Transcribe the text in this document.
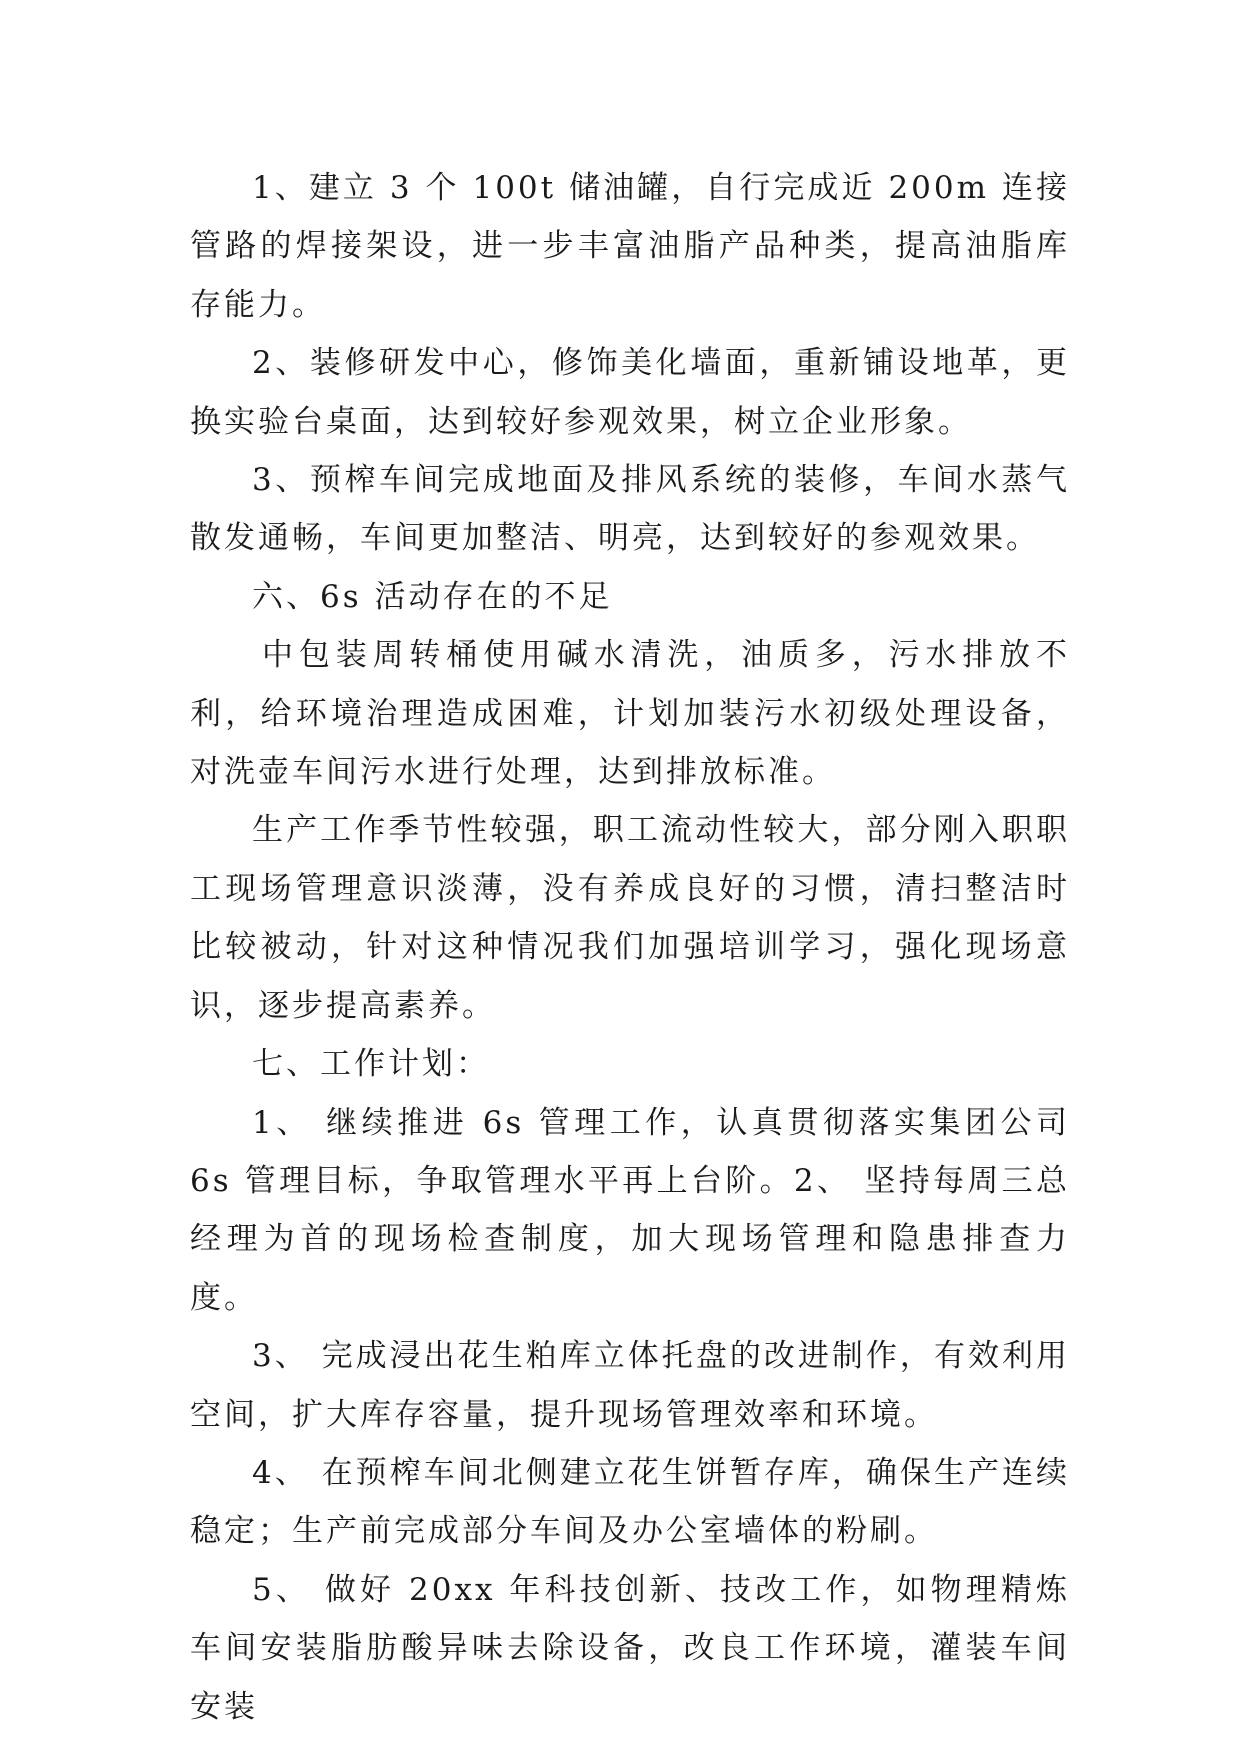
1、建立 3 个 100t 储油罐，自行完成近 200m 连接管路的焊接架设，进一步丰富油脂产品种类，提高油脂库存能力。

2、装修研发中心，修饰美化墙面，重新铺设地革，更换实验台桌面，达到较好参观效果，树立企业形象。

3、预榨车间完成地面及排风系统的装修，车间水蒸气散发通畅，车间更加整洁、明亮，达到较好的参观效果。

六、6s 活动存在的不足

中包装周转桶使用碱水清洗，油质多，污水排放不利，给环境治理造成困难，计划加装污水初级处理设备，对洗壶车间污水进行处理，达到排放标准。

生产工作季节性较强，职工流动性较大，部分刚入职职工现场管理意识淡薄，没有养成良好的习惯，清扫整洁时比较被动，针对这种情况我们加强培训学习，强化现场意识，逐步提高素养。

七、工作计划：

1、 继续推进 6s 管理工作，认真贯彻落实集团公司 6s 管理目标，争取管理水平再上台阶。2、 坚持每周三总经理为首的现场检查制度，加大现场管理和隐患排查力度。

3、 完成浸出花生粕库立体托盘的改进制作，有效利用空间，扩大库存容量，提升现场管理效率和环境。

4、 在预榨车间北侧建立花生饼暂存库，确保生产连续稳定；生产前完成部分车间及办公室墙体的粉刷。

5、 做好 20xx 年科技创新、技改工作，如物理精炼车间安装脂肪酸异味去除设备，改良工作环境，灌装车间安装
